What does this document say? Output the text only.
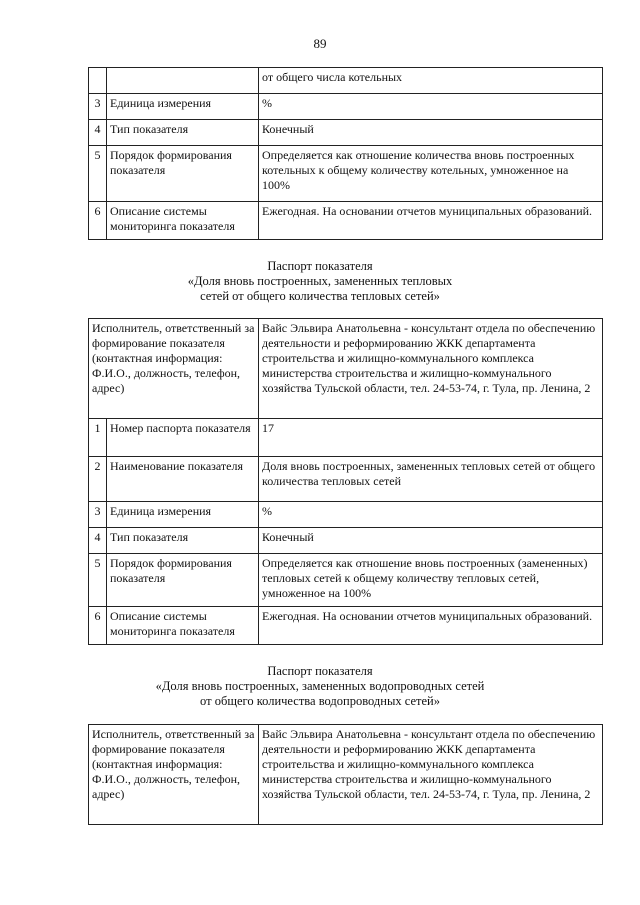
89
		от общего числа котельных
3	Единица измерения	%
4	Тип показателя	Конечный
5	Порядок формирования показателя	Определяется как отношение количества вновь построенных котельных к общему количеству котельных, умноженное на 100%
6	Описание системы мониторинга показателя	Ежегодная. На основании отчетов муниципальных образований.
Паспорт показателя
«Доля вновь построенных, замененных тепловых
сетей от общего количества тепловых сетей»
Исполнитель, ответственный за формирование показателя (контактная информация: Ф.И.О., должность, телефон, адрес)		Вайс Эльвира Анатольевна - консультант отдела по обеспечению деятельности и реформированию ЖКК департамента строительства и жилищно-коммунального комплекса министерства строительства и жилищно-коммунального хозяйства Тульской области, тел. 24-53-74, г. Тула, пр. Ленина, 2
1	Номер паспорта показателя	17
2	Наименование показателя	Доля вновь построенных, замененных тепловых сетей от общего количества тепловых сетей
3	Единица измерения	%
4	Тип показателя	Конечный
5	Порядок формирования показателя	Определяется как отношение вновь построенных (замененных) тепловых сетей к общему количеству тепловых сетей, умноженное на 100%
6	Описание системы мониторинга показателя	Ежегодная. На основании отчетов муниципальных образований.
Паспорт показателя
«Доля вновь построенных, замененных водопроводных сетей
от общего количества водопроводных сетей»
Исполнитель, ответственный за формирование показателя (контактная информация: Ф.И.О., должность, телефон, адрес)	Вайс Эльвира Анатольевна - консультант отдела по обеспечению деятельности и реформированию ЖКК департамента строительства и жилищно-коммунального комплекса министерства строительства и жилищно-коммунального хозяйства Тульской области, тел. 24-53-74, г. Тула, пр. Ленина, 2
